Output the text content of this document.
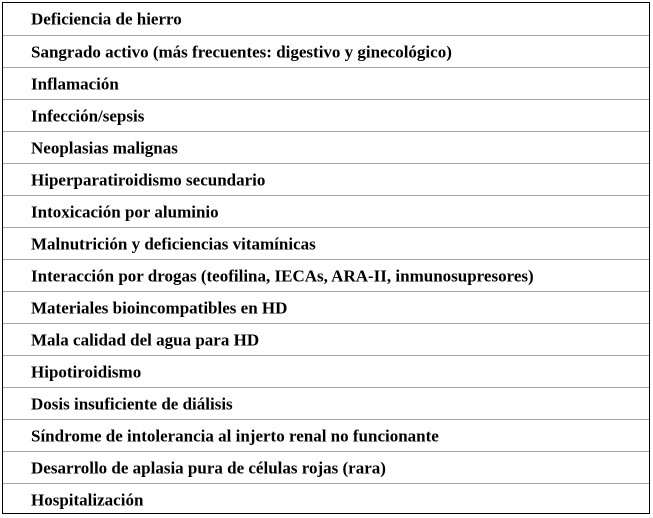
Deficiencia de hierro
Sangrado activo (más frecuentes: digestivo y ginecológico)
Inflamación
Infección/sepsis
Neoplasias malignas
Hiperparatiroidismo secundario
Intoxicación por aluminio
Malnutrición y deficiencias vitamínicas
Interacción por drogas (teofilina, IECAs, ARA-II, inmunosupresores)
Materiales bioincompatibles en HD
Mala calidad del agua para HD
Hipotiroidismo
Dosis insuficiente de diálisis
Síndrome de intolerancia al injerto renal no funcionante
Desarrollo de aplasia pura de células rojas (rara)
Hospitalización
